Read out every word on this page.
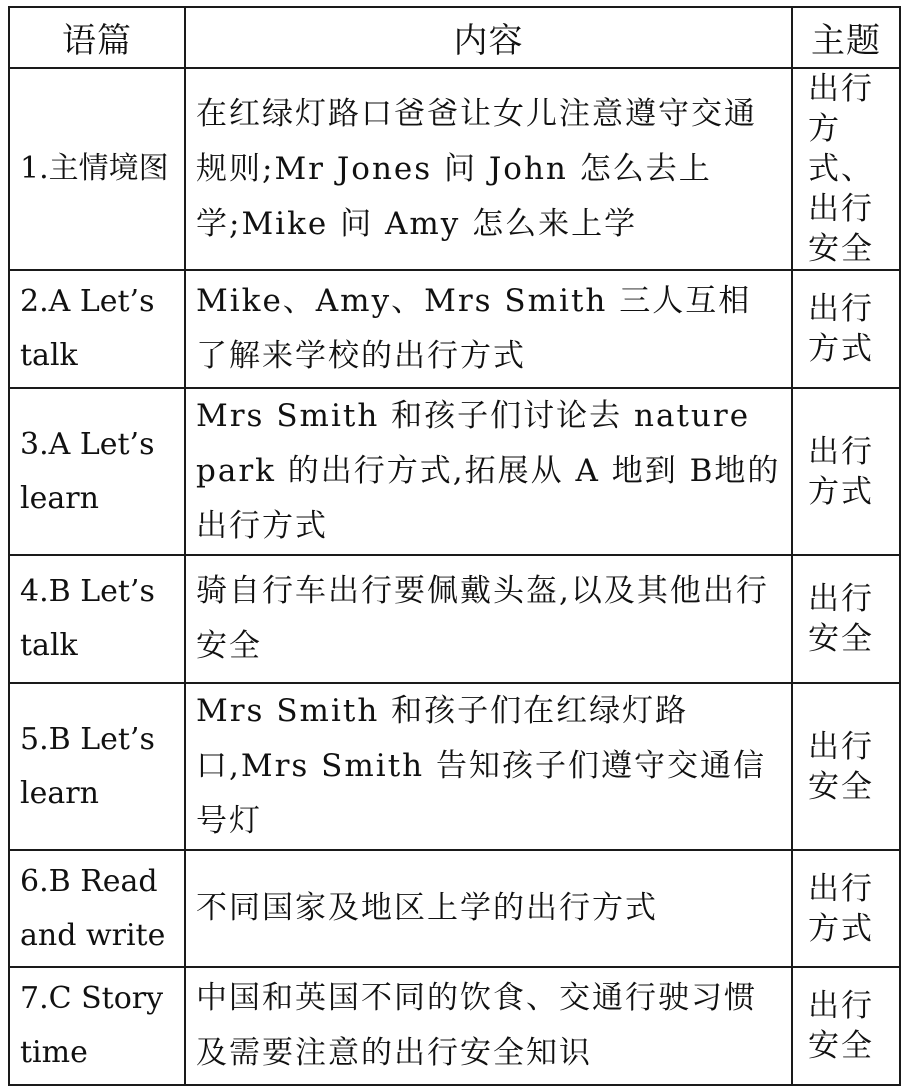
语篇	内容	主题
1.主情境图	在红绿灯路口爸爸让女儿注意遵守交通规则;Mr Jones 问 John 怎么去上学;Mike 问 Amy 怎么来上学	出行方式、出行安全
2.A Let’s talk	Mike、Amy、Mrs Smith 三人互相了解来学校的出行方式	出行方式
3.A Let’s learn	Mrs Smith 和孩子们讨论去 nature park 的出行方式,拓展从 A 地到 B地的出行方式	出行方式
4.B Let’s talk	骑自行车出行要佩戴头盔,以及其他出行安全	出行安全
5.B Let’s learn	Mrs Smith 和孩子们在红绿灯路口,Mrs Smith 告知孩子们遵守交通信号灯	出行安全
6.B Read and write	不同国家及地区上学的出行方式	出行方式
7.C Story time	中国和英国不同的饮食、交通行驶习惯及需要注意的出行安全知识	出行安全
